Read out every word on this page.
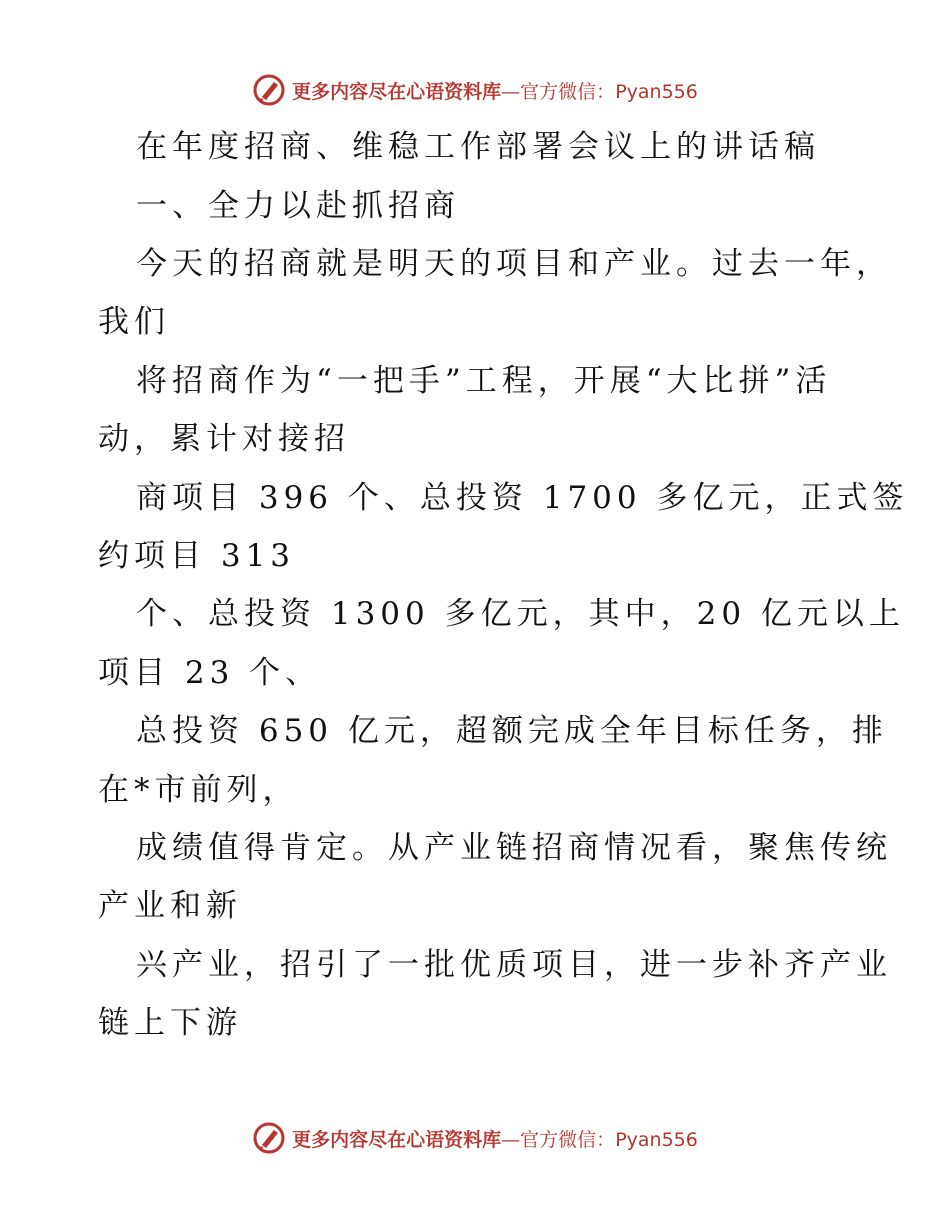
更多内容尽在心语资料库—官方微信：Pyan556
在年度招商、维稳工作部署会议上的讲话稿
一、全力以赴抓招商
今天的招商就是明天的项目和产业。过去一年，
我们
将招商作为“一把手”工程，开展“大比拼”活
动，累计对接招
商项目 396 个、总投资 1700 多亿元，正式签
约项目 313
个、总投资 1300 多亿元，其中，20 亿元以上
项目 23 个、
总投资 650 亿元，超额完成全年目标任务，排
在*市前列，
成绩值得肯定。从产业链招商情况看，聚焦传统
产业和新
兴产业，招引了一批优质项目，进一步补齐产业
链上下游
更多内容尽在心语资料库—官方微信：Pyan556
